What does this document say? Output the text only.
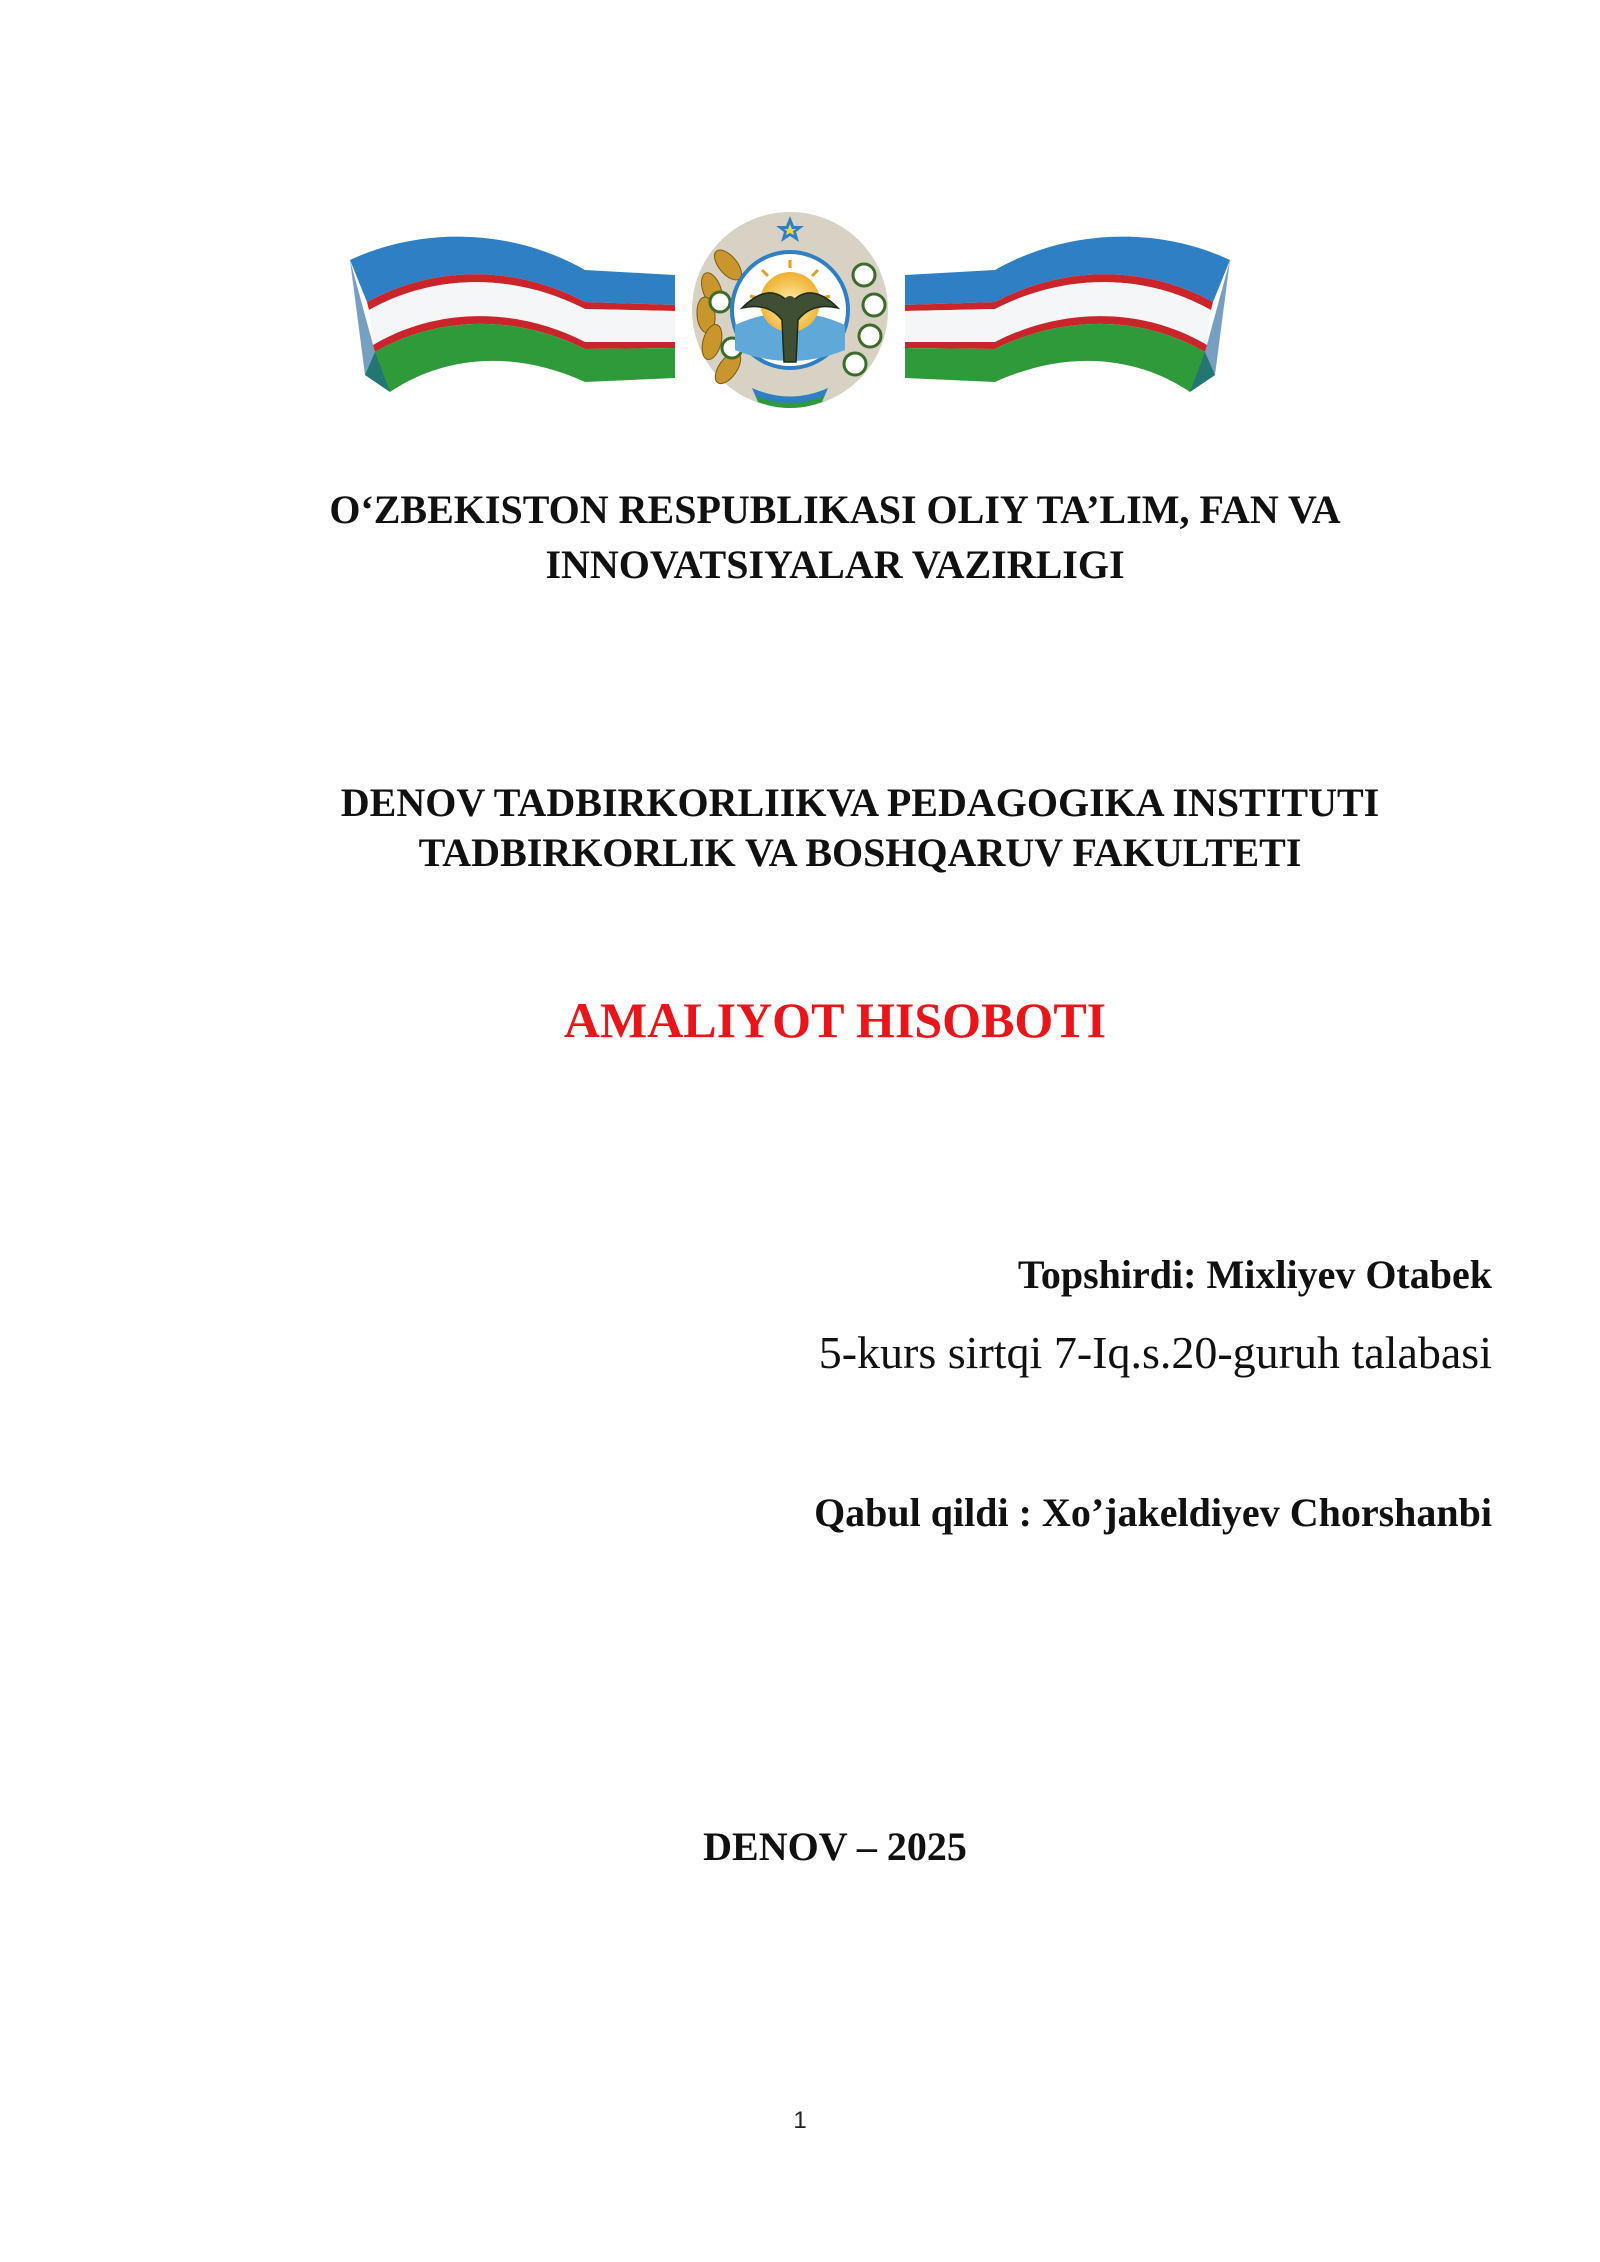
O‘ZBEKISTON RESPUBLIKASI OLIY TA’LIM, FAN VA
INNOVATSIYALAR VAZIRLIGI
DENOV TADBIRKORLIIKVA PEDAGOGIKA INSTITUTI
TADBIRKORLIK VA BOSHQARUV FAKULTETI
AMALIYOT HISOBOTI
Topshirdi: Mixliyev Otabek
5-kurs sirtqi 7-Iq.s.20-guruh talabasi
Qabul qildi : Xo’jakeldiyev Chorshanbi
DENOV – 2025
1
